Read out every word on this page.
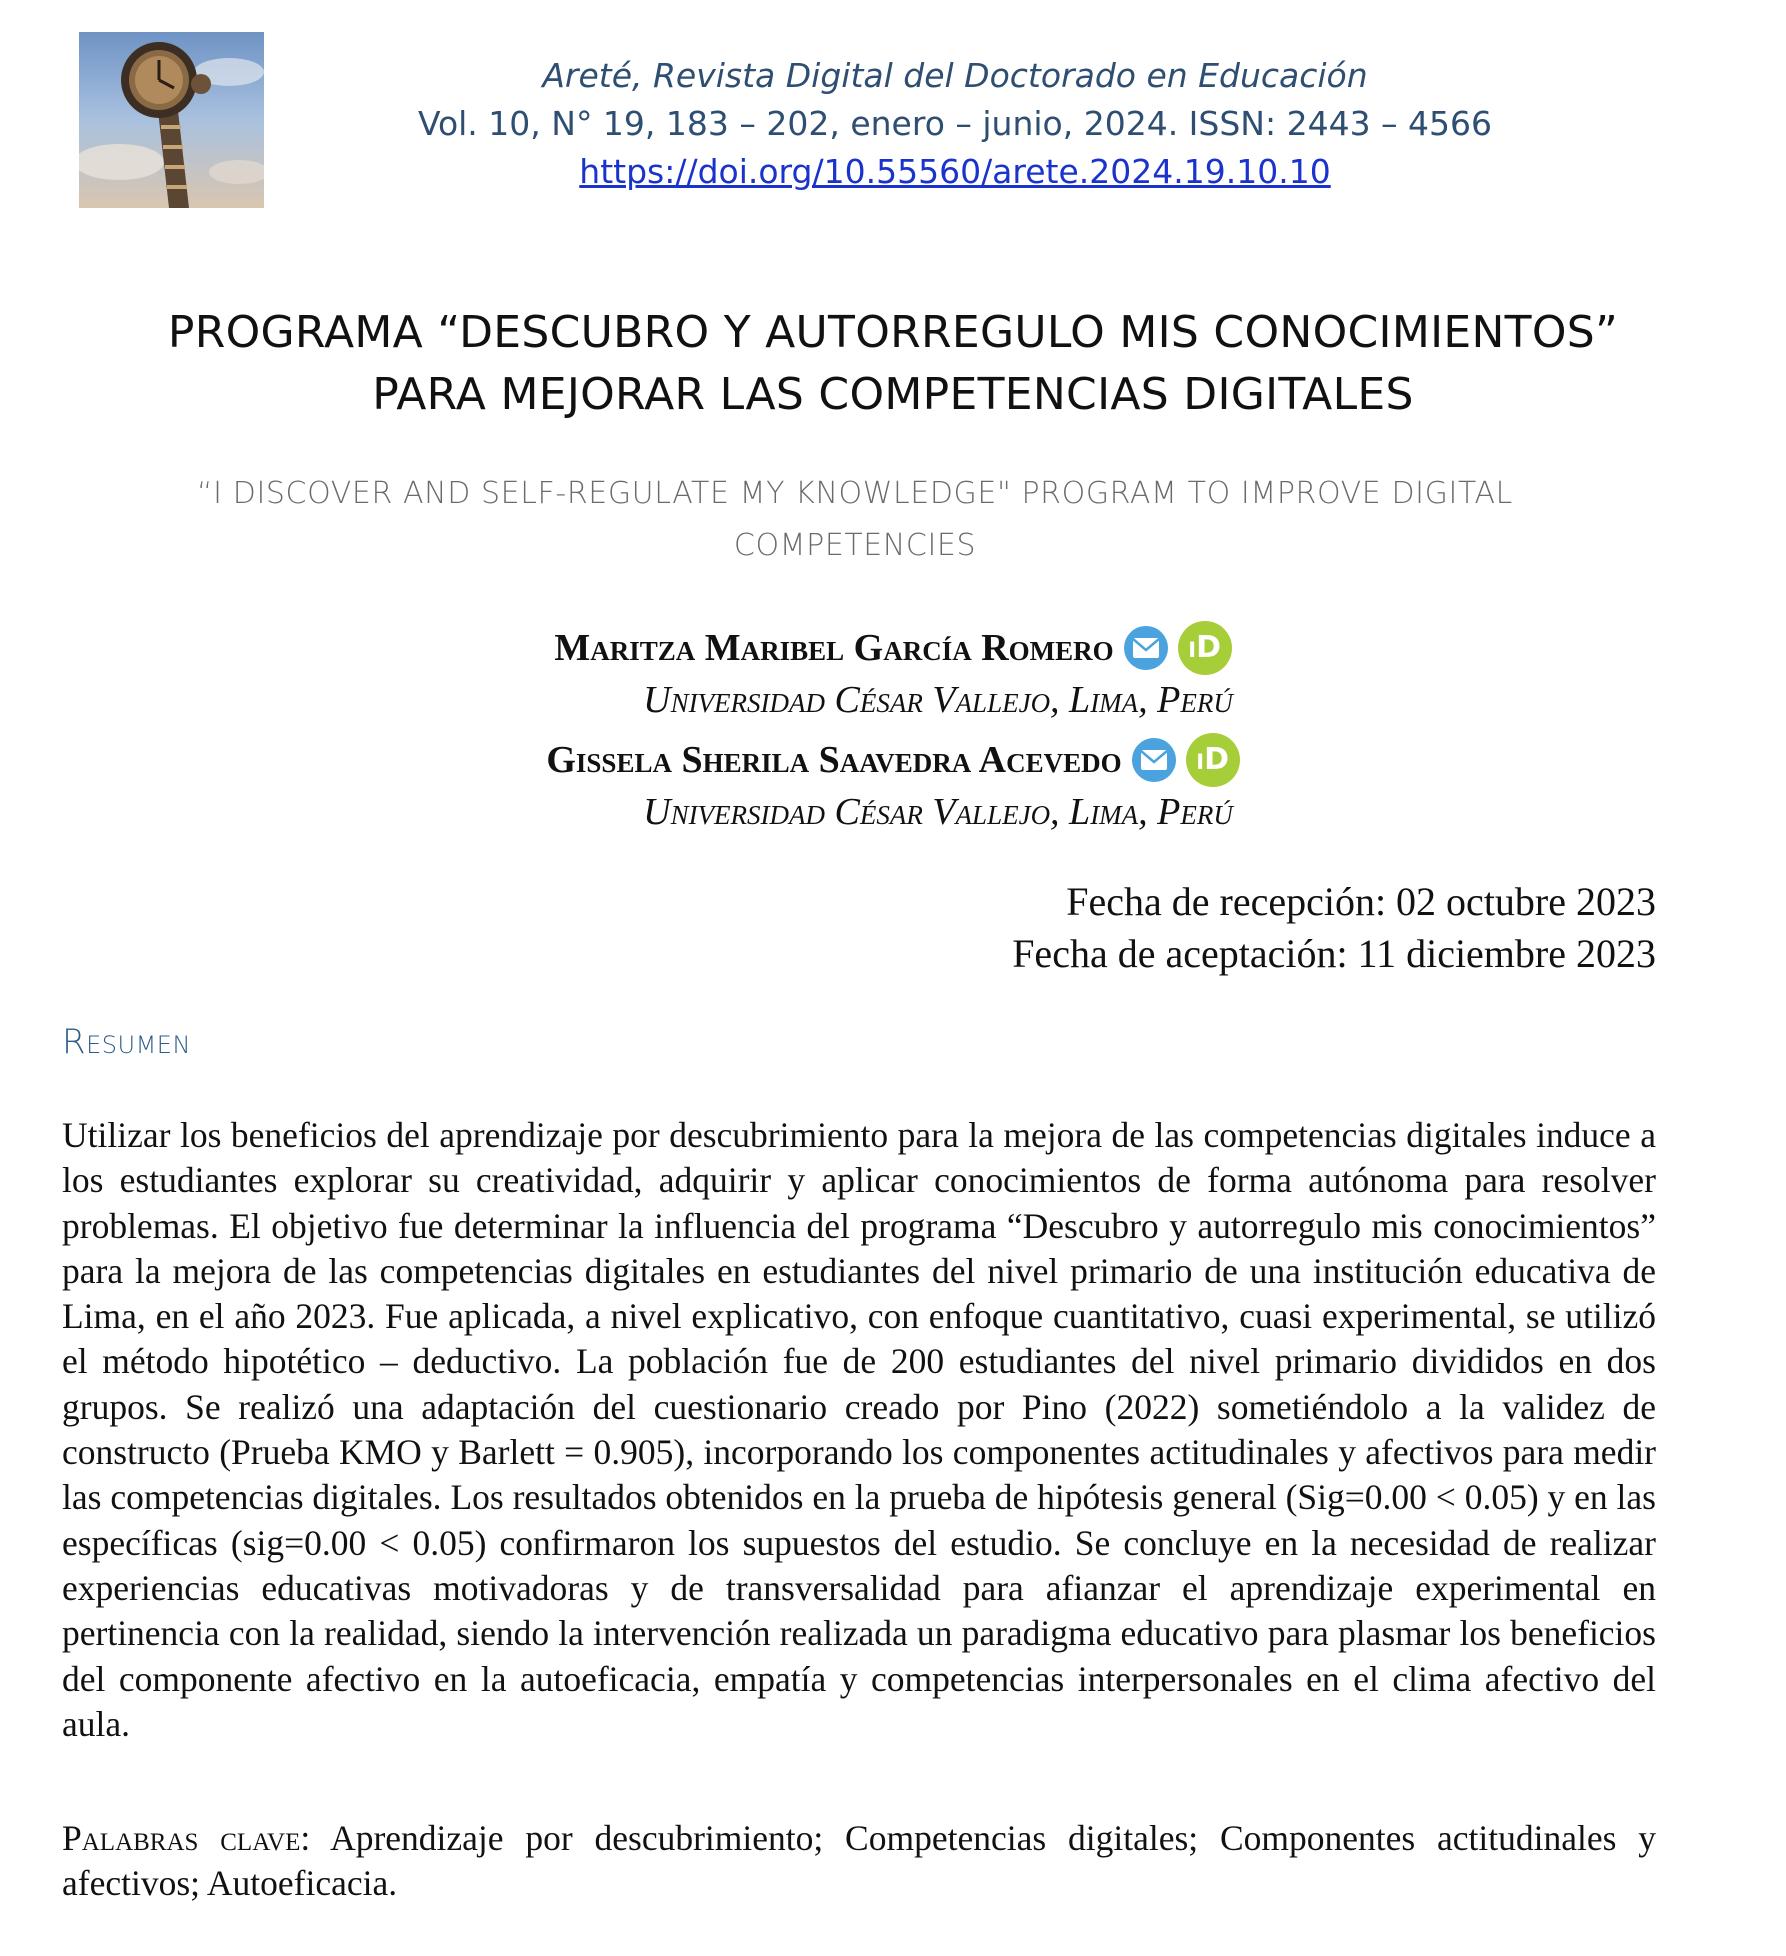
Areté, Revista Digital del Doctorado en Educación
Vol. 10, N° 19, 183 – 202, enero – junio, 2024. ISSN: 2443 – 4566
https://doi.org/10.55560/arete.2024.19.10.10
PROGRAMA “DESCUBRO Y AUTORREGULO MIS CONOCIMIENTOS”
PARA MEJORAR LAS COMPETENCIAS DIGITALES
“I DISCOVER AND SELF-REGULATE MY KNOWLEDGE" PROGRAM TO IMPROVE DIGITAL
COMPETENCIES
Maritza Maribel García Romero	iD
Universidad César Vallejo, Lima, Perú
Gissela Sherila Saavedra Acevedo	iD
Universidad César Vallejo, Lima, Perú
Fecha de recepción: 02 octubre 2023
Fecha de aceptación: 11 diciembre 2023
Resumen

Utilizar los beneficios del aprendizaje por descubrimiento para la mejora de las competencias digitales induce a los estudiantes explorar su creatividad, adquirir y aplicar conocimientos de forma autónoma para resolver problemas. El objetivo fue determinar la influencia del programa “Descubro y autorregulo mis conocimientos” para la mejora de las competencias digitales en estudiantes del nivel primario de una institución educativa de Lima, en el año 2023. Fue aplicada, a nivel explicativo, con enfoque cuantitativo, cuasi experimental, se utilizó el método hipotético – deductivo. La población fue de 200 estudiantes del nivel primario divididos en dos grupos. Se realizó una adaptación del cuestionario creado por Pino (2022) sometiéndolo a la validez de constructo (Prueba KMO y Barlett = 0.905), incorporando los componentes actitudinales y afectivos para medir las competencias digitales. Los resultados obtenidos en la prueba de hipótesis general (Sig=0.00 < 0.05) y en las específicas (sig=0.00 < 0.05) confirmaron los supuestos del estudio. Se concluye en la necesidad de realizar experiencias educativas motivadoras y de transversalidad para afianzar el aprendizaje experimental en pertinencia con la realidad, siendo la intervención realizada un paradigma educativo para plasmar los beneficios del componente afectivo en la autoeficacia, empatía y competencias interpersonales en el clima afectivo del aula.

Palabras clave: Aprendizaje por descubrimiento; Competencias digitales; Componentes actitudinales y afectivos; Autoeficacia.
